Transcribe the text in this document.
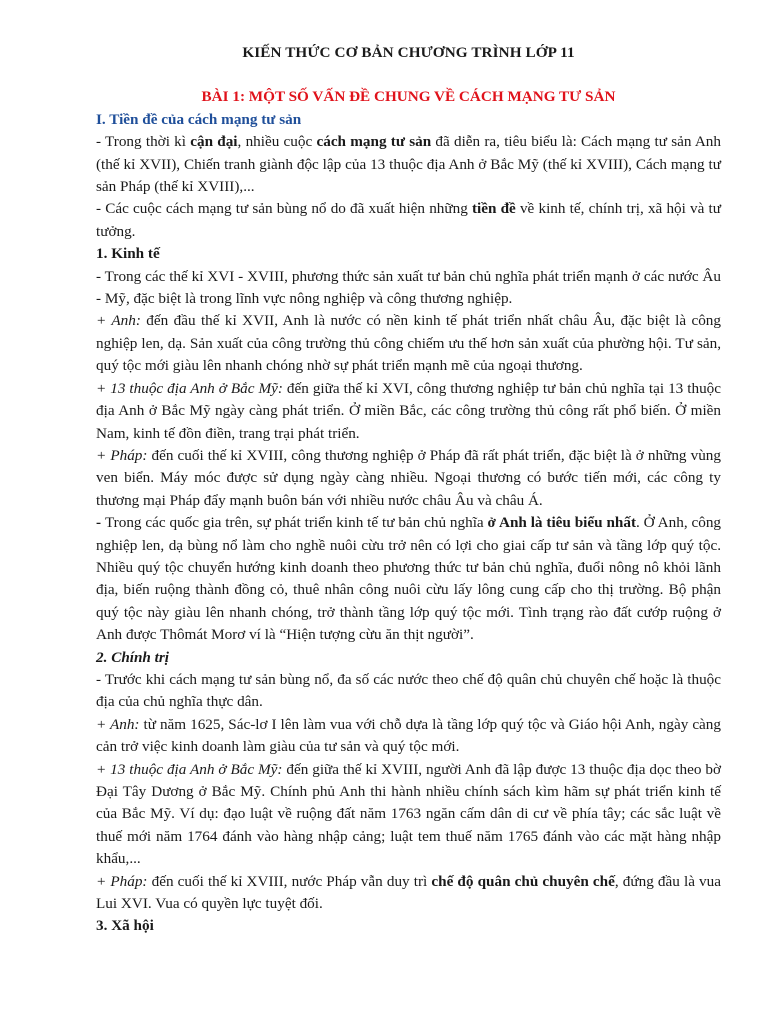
KIẾN THỨC CƠ BẢN CHƯƠNG TRÌNH LỚP 11
BÀI 1: MỘT SỐ VẤN ĐỀ CHUNG VỀ CÁCH MẠNG TƯ SẢN
I. Tiền đề của cách mạng tư sản

- Trong thời kì cận đại, nhiều cuộc cách mạng tư sản đã diễn ra, tiêu biểu là: Cách mạng tư sản Anh (thế kỉ XVII), Chiến tranh giành độc lập của 13 thuộc địa Anh ở Bắc Mỹ (thế kỉ XVIII), Cách mạng tư sản Pháp (thế kỉ XVIII),...

- Các cuộc cách mạng tư sản bùng nổ do đã xuất hiện những tiền đề về kinh tế, chính trị, xã hội và tư tưởng.

1. Kinh tế

- Trong các thế kỉ XVI - XVIII, phương thức sản xuất tư bản chủ nghĩa phát triển mạnh ở các nước Âu - Mỹ, đặc biệt là trong lĩnh vực nông nghiệp và công thương nghiệp.

+ Anh: đến đầu thế kỉ XVII, Anh là nước có nền kinh tế phát triển nhất châu Âu, đặc biệt là công nghiệp len, dạ. Sản xuất của công trường thủ công chiếm ưu thế hơn sản xuất của phường hội. Tư sản, quý tộc mới giàu lên nhanh chóng nhờ sự phát triển mạnh mẽ của ngoại thương.

+ 13 thuộc địa Anh ở Bắc Mỹ: đến giữa thế kỉ XVI, công thương nghiệp tư bản chủ nghĩa tại 13 thuộc địa Anh ở Bắc Mỹ ngày càng phát triển. Ở miền Bắc, các công trường thủ công rất phổ biến. Ở miền Nam, kinh tế đồn điền, trang trại phát triển.

+ Pháp: đến cuối thế kỉ XVIII, công thương nghiệp ở Pháp đã rất phát triển, đặc biệt là ở những vùng ven biển. Máy móc được sử dụng ngày càng nhiều. Ngoại thương có bước tiến mới, các công ty thương mại Pháp đẩy mạnh buôn bán với nhiều nước châu Âu và châu Á.

- Trong các quốc gia trên, sự phát triển kinh tế tư bản chủ nghĩa ở Anh là tiêu biểu nhất. Ở Anh, công nghiệp len, dạ bùng nổ làm cho nghề nuôi cừu trở nên có lợi cho giai cấp tư sản và tầng lớp quý tộc. Nhiều quý tộc chuyển hướng kinh doanh theo phương thức tư bản chủ nghĩa, đuổi nông nô khỏi lãnh địa, biến ruộng thành đồng cỏ, thuê nhân công nuôi cừu lấy lông cung cấp cho thị trường. Bộ phận quý tộc này giàu lên nhanh chóng, trở thành tầng lớp quý tộc mới. Tình trạng rào đất cướp ruộng ở Anh được Thômát Morơ ví là “Hiện tượng cừu ăn thịt người”.

2. Chính trị

- Trước khi cách mạng tư sản bùng nổ, đa số các nước theo chế độ quân chủ chuyên chế hoặc là thuộc địa của chủ nghĩa thực dân.

+ Anh: từ năm 1625, Sác-lơ I lên làm vua với chỗ dựa là tầng lớp quý tộc và Giáo hội Anh, ngày càng cản trở việc kinh doanh làm giàu của tư sản và quý tộc mới.

+ 13 thuộc địa Anh ở Bắc Mỹ: đến giữa thế kỉ XVIII, người Anh đã lập được 13 thuộc địa dọc theo bờ Đại Tây Dương ở Bắc Mỹ. Chính phủ Anh thi hành nhiều chính sách kìm hãm sự phát triển kinh tế của Bắc Mỹ. Ví dụ: đạo luật về ruộng đất năm 1763 ngăn cấm dân di cư về phía tây; các sắc luật về thuế mới năm 1764 đánh vào hàng nhập cảng; luật tem thuế năm 1765 đánh vào các mặt hàng nhập khẩu,...

+ Pháp: đến cuối thế kỉ XVIII, nước Pháp vẫn duy trì chế độ quân chủ chuyên chế, đứng đầu là vua Lui XVI. Vua có quyền lực tuyệt đối.

3. Xã hội
